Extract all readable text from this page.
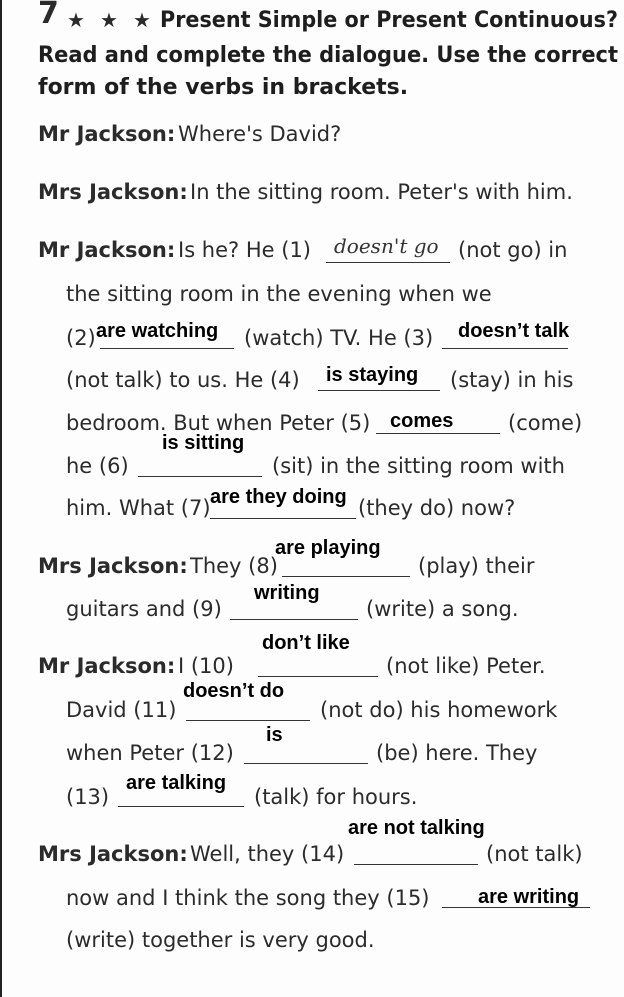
7 ★ ★ ★ Present Simple or Present Continuous?
Read and complete the dialogue. Use the correct
form of the verbs in brackets.
Mr Jackson: Where's David?
Mrs Jackson: In the sitting room. Peter's with him.
Mr Jackson: Is he? He (1) doesn't go (not go) in
the sitting room in the evening when we
(2) are watching (watch) TV. He (3) doesn’t talk
(not talk) to us. He (4) is staying (stay) in his
bedroom. But when Peter (5) comes	(come)
is sitting
he (6)	(sit) in the sitting room with
him. What (7) are they doing (they do) now?
are playing
Mrs Jackson: They (8)	(play) their
writing
guitars and (9)	(write) a song.
don’t like
Mr Jackson: I (10)	(not like) Peter.
doesn’t do
David (11)	(not do) his homework
is
when Peter (12)	(be) here. They
(13)
are talking
(talk) for hours.
are not talking
Mrs Jackson: Well, they (14)	(not talk)
now and I think the song they (15) are writing
(write) together is very good.
